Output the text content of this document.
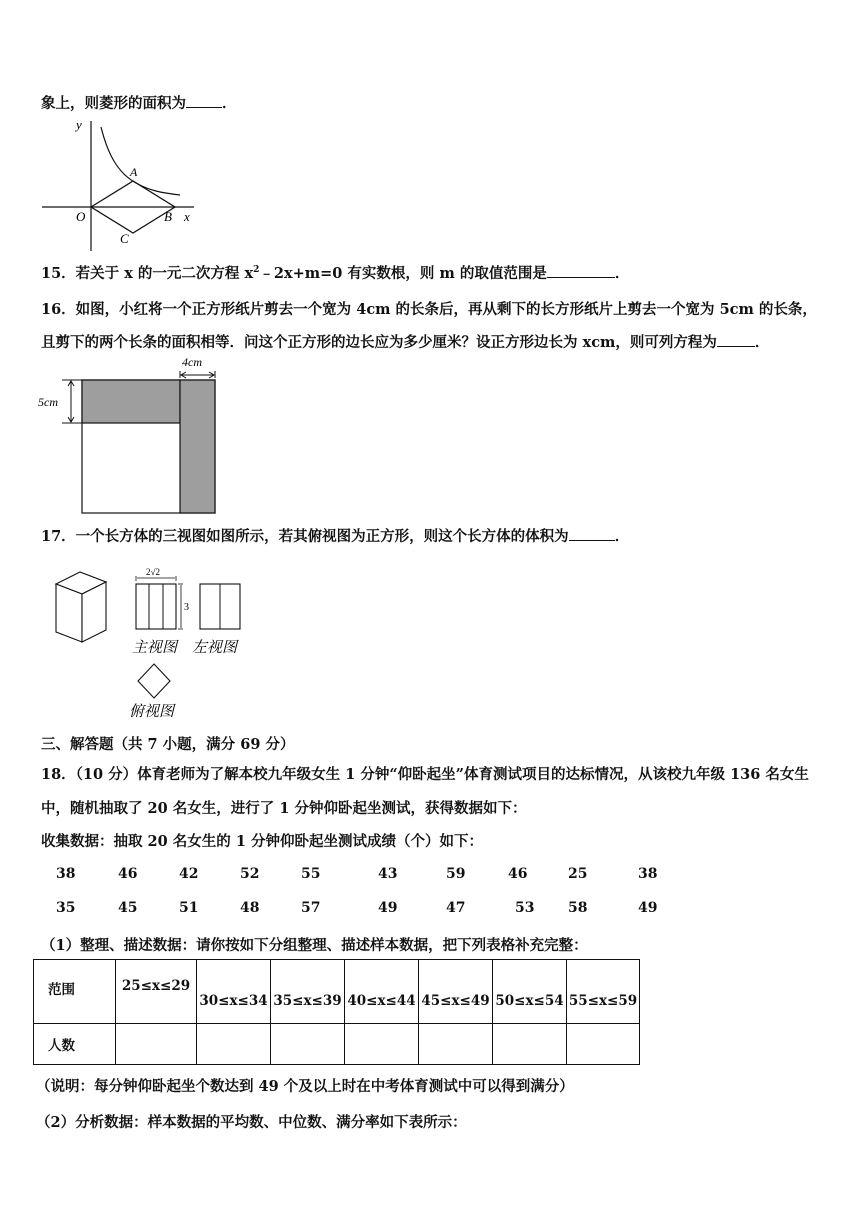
象上，则菱形的面积为 ．
y
A
O	B x
C
15．若关于 x 的一元二次方程 $x^2﹣2x+m=0$ 有实数根，则 m 的取值范围是	．
16．如图，小红将一个正方形纸片剪去一个宽为 4cm 的长条后，再从剩下的长方形纸片上剪去一个宽为 5cm 的长条，
且剪下的两个长条的面积相等．问这个正方形的边长应为多少厘米？设正方形边长为 xcm，则可列方程为	．
4cm
5cm
17．一个长方体的三视图如图所示，若其俯视图为正方形，则这个长方体的体积为	．
2√2
3
主视图 左视图
俯视图
三、解答题（共 7 小题，满分 69 分）
18．（10 分）体育老师为了解本校九年级女生 1 分钟“仰卧起坐”体育测试项目的达标情况，从该校九年级 136 名女生
中，随机抽取了 20 名女生，进行了 1 分钟仰卧起坐测试，获得数据如下：
收集数据：抽取 20 名女生的 1 分钟仰卧起坐测试成绩（个）如下：
38	46	42	52	55	43	59	46	25	38
35	45	51	48	57	49	47	53 58	49
（1）整理、描述数据：请你按如下分组整理、描述样本数据，把下列表格补充完整：
范围	25≤x≤29	30≤x≤34	35≤x≤39	40≤x≤44	45≤x≤49	50≤x≤54	55≤x≤59
人数							
（说明：每分钟仰卧起坐个数达到 49 个及以上时在中考体育测试中可以得到满分）
（2）分析数据：样本数据的平均数、中位数、满分率如下表所示：
